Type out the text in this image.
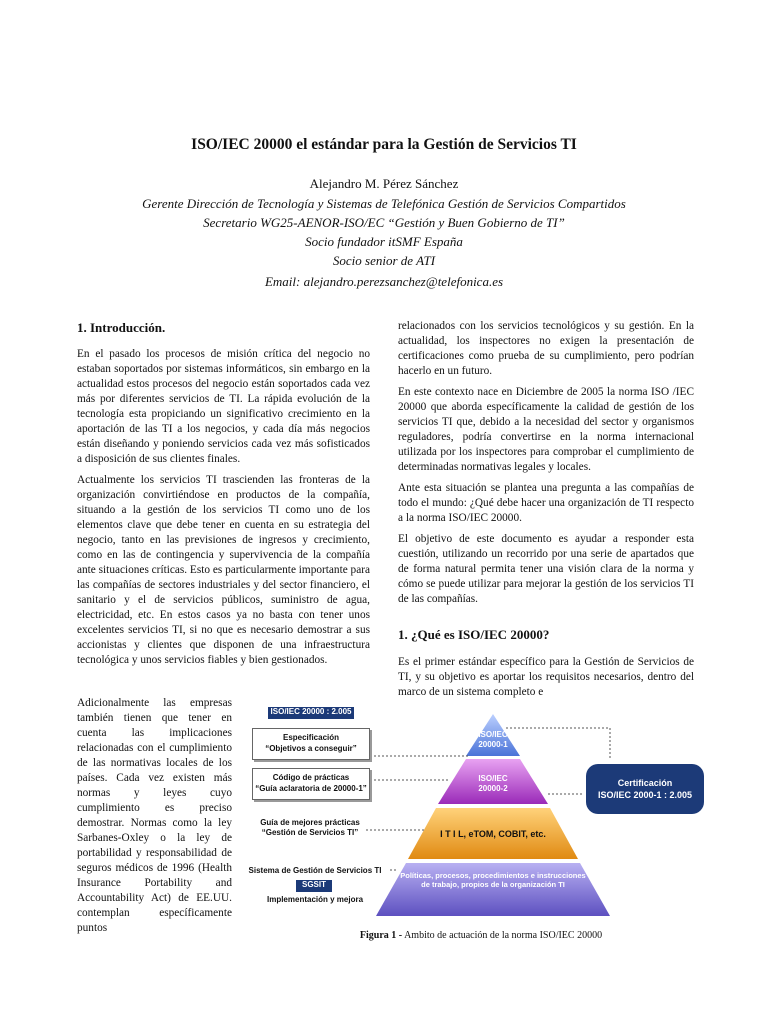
ISO/IEC 20000 el estándar para la Gestión de Servicios TI
Alejandro M. Pérez Sánchez
Gerente Dirección de Tecnología y Sistemas de Telefónica Gestión de Servicios Compartidos
Secretario WG25-AENOR-ISO/EC “Gestión y Buen Gobierno de TI”
Socio fundador itSMF España
Socio senior de ATI
Email: alejandro.perezsanchez@telefonica.es
1. Introducción.

En el pasado los procesos de misión crítica del negocio no estaban soportados por sistemas informáticos, sin embargo en la actualidad estos procesos del negocio están soportados cada vez más por diferentes servicios de TI. La rápida evolución de la tecnología esta propiciando un significativo crecimiento en la aportación de las TI a los negocios, y cada día más negocios están diseñando y poniendo servicios cada vez más sofisticados a disposición de sus clientes finales.

Actualmente los servicios TI trascienden las fronteras de la organización convirtiéndose en productos de la compañía, situando a la gestión de los servicios TI como uno de los elementos clave que debe tener en cuenta en su estrategia del negocio, tanto en las previsiones de ingresos y crecimiento, como en las de contingencia y supervivencia de la compañía ante situaciones críticas. Esto es particularmente importante para las compañías de sectores industriales y del sector financiero, el sanitario y el de servicios públicos, suministro de agua, electricidad, etc. En estos casos ya no basta con tener unos excelentes servicios TI, si no que es necesario demostrar a sus accionistas y clientes que disponen de una infraestructura tecnológica y unos servicios fiables y bien gestionados.

Adicionalmente las empresas también tienen que tener en cuenta las implicaciones relacionadas con el cumplimiento de las normativas locales de los países. Cada vez existen más normas y leyes cuyo cumplimiento es preciso demostrar. Normas como la ley Sarbanes-Oxley o la ley de portabilidad y responsabilidad de seguros médicos de 1996 (Health Insurance Portability and Accountability Act) de EE.UU. contemplan específicamente puntos

relacionados con los servicios tecnológicos y su gestión. En la actualidad, los inspectores no exigen la presentación de certificaciones como prueba de su cumplimiento, pero podrían hacerlo en un futuro.

En este contexto nace en Diciembre de 2005 la norma ISO /IEC 20000 que aborda específicamente la calidad de gestión de los servicios TI que, debido a la necesidad del sector y organismos reguladores, podría convertirse en la norma internacional utilizada por los inspectores para comprobar el cumplimiento de determinadas normativas legales y locales.

Ante esta situación se plantea una pregunta a las compañías de todo el mundo: ¿Qué debe hacer una organización de TI respecto a la norma ISO/IEC 20000.

El objetivo de este documento es ayudar a responder esta cuestión, utilizando un recorrido por una serie de apartados que de forma natural permita tener una visión clara de la norma y cómo se puede utilizar para mejorar la gestión de los servicios TI de las compañías.

1. ¿Qué es ISO/IEC 20000?

Es el primer estándar específico para la Gestión de Servicios de TI, y su objetivo es aportar los requisitos necesarios, dentro del marco de un sistema completo e

ISO/IEC 20000 : 2.005
Especificación
“Objetivos a conseguir”
Código de prácticas
“Guía aclaratoria de 20000-1”
Guía de mejores prácticas
“Gestión de Servicios TI”
Sistema de Gestión de Servicios TI
SGSIT
Implementación y mejora
ISO/IEC 20000-1
ISO/IEC 20000-2
I T I L, eTOM, COBIT, etc.
Políticas, procesos, procedimientos e instrucciones de trabajo, propios de la organización TI
Certificación
ISO/IEC 2000-1 : 2.005
Figura 1 - Ambito de actuación de la norma ISO/IEC 20000
